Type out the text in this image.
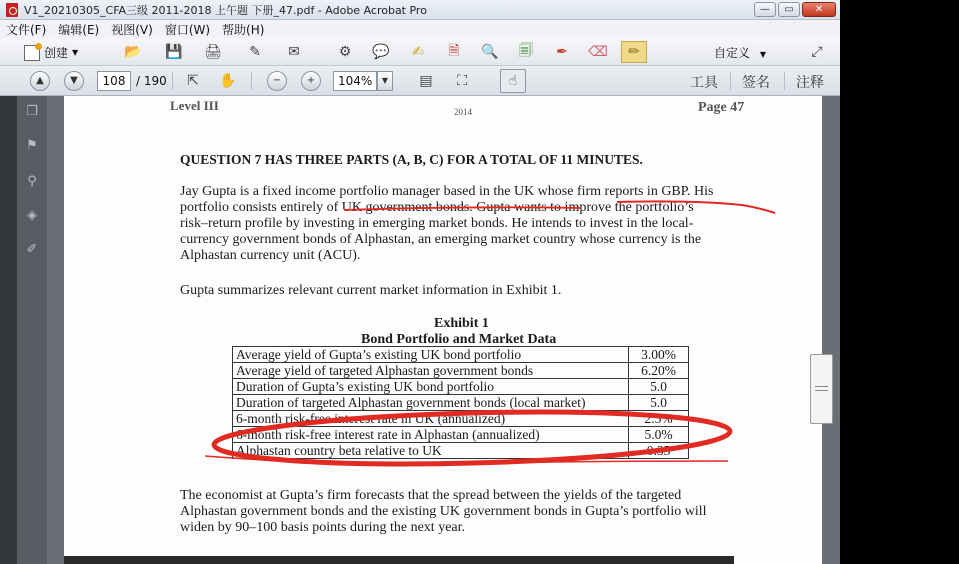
V1_20210305_CFA三级 2011-2018 上午题 下册_47.pdf - Adobe Acrobat Pro	—	▭	✕
文件(F) 编辑(E) 视图(V) 窗口(W) 帮助(H)
创建 ▼	📂 💾 🖨	✎	✉	⚙	💬	✍	🗎	🔍 🗐	✒	⌫	✏	自定义 ▼	⤢
▲	▼	108 / 190	⇱	✋	−	+	104%	▼	▤	⛶	☝	工具 签名 注释
❐
⚑
⚲
◈
✐
Level III	2014	Page 47
QUESTION 7 HAS THREE PARTS (A, B, C) FOR A TOTAL OF 11 MINUTES.
Jay Gupta is a fixed income portfolio manager based in the UK whose firm reports in GBP. His
portfolio consists entirely of UK government bonds. Gupta wants to improve the portfolio’s
risk–return profile by investing in emerging market bonds. He intends to invest in the local-
currency government bonds of Alphastan, an emerging market country whose currency is the
Alphastan currency unit (ACU).
Gupta summarizes relevant current market information in Exhibit 1.
Exhibit 1
Bond Portfolio and Market Data
The economist at Gupta’s firm forecasts that the spread between the yields of the targeted
Alphastan government bonds and the existing UK government bonds in Gupta’s portfolio will
widen by 90–100 basis points during the next year.
Average yield of Gupta’s existing UK bond portfolio	3.00%
Average yield of targeted Alphastan government bonds	6.20%
Duration of Gupta’s existing UK bond portfolio	5.0
Duration of targeted Alphastan government bonds (local market)	5.0
6-month risk-free interest rate in UK (annualized)	2.5%
6-month risk-free interest rate in Alphastan (annualized)	5.0%
Alphastan country beta relative to UK	0.35
